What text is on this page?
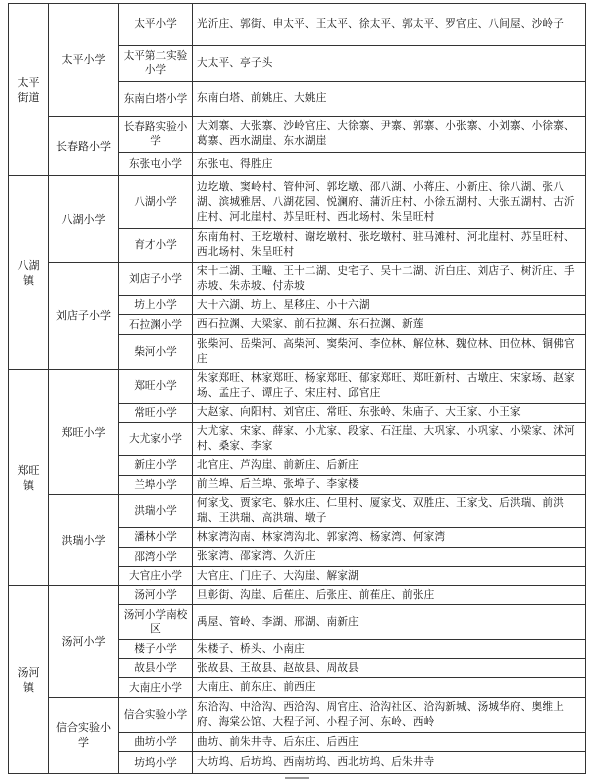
太平街道	太平小学	太平小学	光沂庄、郭街、申太平、王太平、徐太平、郭太平、罗官庄、八间屋、沙岭子
		太平第二实验小学	大太平、亭子头
		东南白塔小学	东南白塔、前姚庄、大姚庄
	长春路小学	长春路实验小学	大刘寨、大张寨、沙岭官庄、大徐寨、尹寨、郭寨、小张寨、小刘寨、小徐寨、葛寨、西水湖崖、东水湖崖
		东张屯小学	东张屯、得胜庄
八湖镇	八湖小学	八湖小学	边圪墩、窦岭村、管仲河、郭圪墩、邵八湖、小蒋庄、小新庄、徐八湖、张八湖、滨城雅居、八湖花园、悦澜府、蒲沂庄村、小徐五湖村、大张五湖村、古沂庄村、河北崖村、苏呈旺村、西北场村、朱呈旺村
		育才小学	东南角村、王圪墩村、谢圪墩村、张圪墩村、驻马滩村、河北崖村、苏呈旺村、西北场村、朱呈旺村
	刘店子小学	刘店子小学	宋十二湖、王疃、王十二湖、史宅子、吴十二湖、沂白庄、刘店子、树沂庄、手赤坡、朱赤坡、付赤坡
		坊上小学	大十六湖、坊上、星移庄、小十六湖
		石拉渊小学	西石拉渊、大梁家、前石拉渊、东石拉渊、新莲
		柴河小学	张柴河、岳柴河、高柴河、窦柴河、李位林、解位林、魏位林、田位林、铜佛官庄
郑旺镇	郑旺小学	郑旺小学	朱家郑旺、林家郑旺、杨家郑旺、郁家郑旺、郑旺新村、古墩庄、宋家场、赵家场、孟庄子、谭庄子、宋庄村、邱官庄
		常旺小学	大赵家、向阳村、刘官庄、常旺、东张岭、朱庙子、大王家、小王家
		大尤家小学	大尤家、宋家、薛家、小尤家、段家、石汪崖、大巩家、小巩家、小梁家、沭河村、桑家、李家
		新庄小学	北官庄、芦沟崖、前新庄、后新庄
		兰埠小学	前兰埠、后兰埠、张埠子、李家楼
	洪瑞小学	洪瑞小学	何家戈、贾家宅、躲水庄、仁里村、厦家戈、双胜庄、王家戈、后洪瑞、前洪瑞、王洪瑞、高洪瑞、墩子
		潘林小学	林家湾沟南、林家湾沟北、郭家湾、杨家湾、何家湾
		邵湾小学	张家湾、邵家湾、久沂庄
		大官庄小学	大官庄、门庄子、大沟崖、解家湖
汤河镇	汤河小学	汤河小学	旦彰街、沟崖、后萑庄、后张庄、前萑庄、前张庄
		汤河小学南校区	禹屋、管岭、李湖、邢湖、南新庄
		楼子小学	朱楼子、桥头、小南庄
		故县小学	张故县、王故县、赵故县、周故县
		大南庄小学	大南庄、前东庄、前西庄
	信合实验小学	信合实验小学	东洽沟、中洽沟、西洽沟、周官庄、洽沟社区、洽沟新城、汤城华府、奥维上府、海棠公馆、大程子河、小程子河、东岭、西岭
		曲坊小学	曲坊、前朱井寺、后东庄、后西庄
		坊坞小学	大坊坞、后坊坞、西南坊坞、西北坊坞、后朱井寺
